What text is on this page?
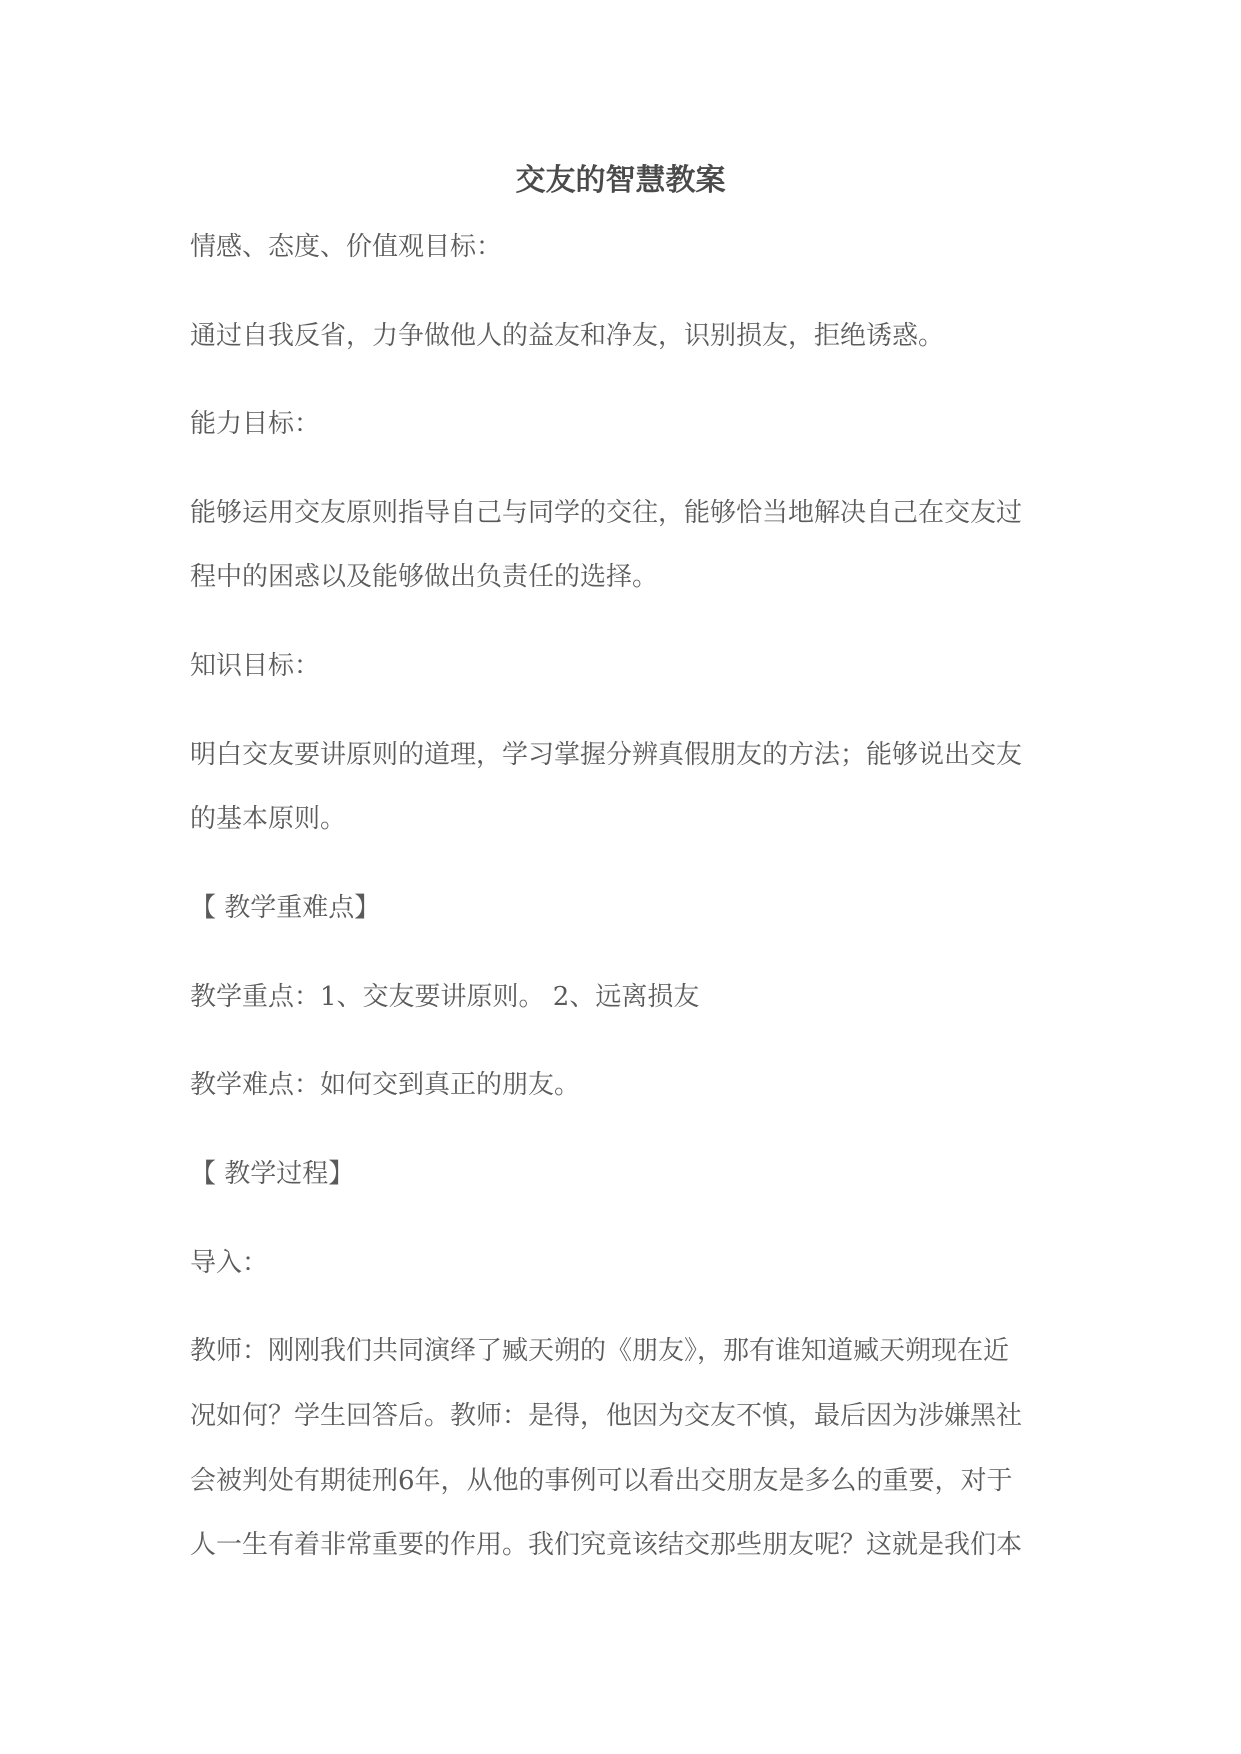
交友的智慧教案
情感、态度、价值观目标：
通过自我反省，力争做他人的益友和净友，识别损友，拒绝诱惑。
能力目标：
能够运用交友原则指导自己与同学的交往，能够恰当地解决自己在交友过
程中的困惑以及能够做出负责任的选择。
知识目标：
明白交友要讲原则的道理，学习掌握分辨真假朋友的方法；能够说出交友
的基本原则。
【 教学重难点】
教学重点：1、交友要讲原则。 2、远离损友
教学难点：如何交到真正的朋友。
【 教学过程】
导入：
教师：刚刚我们共同演绎了臧天朔的《朋友》，那有谁知道臧天朔现在近
况如何？学生回答后。教师：是得，他因为交友不慎，最后因为涉嫌黑社
会被判处有期徒刑6年，从他的事例可以看出交朋友是多么的重要，对于
人一生有着非常重要的作用。我们究竟该结交那些朋友呢？这就是我们本
